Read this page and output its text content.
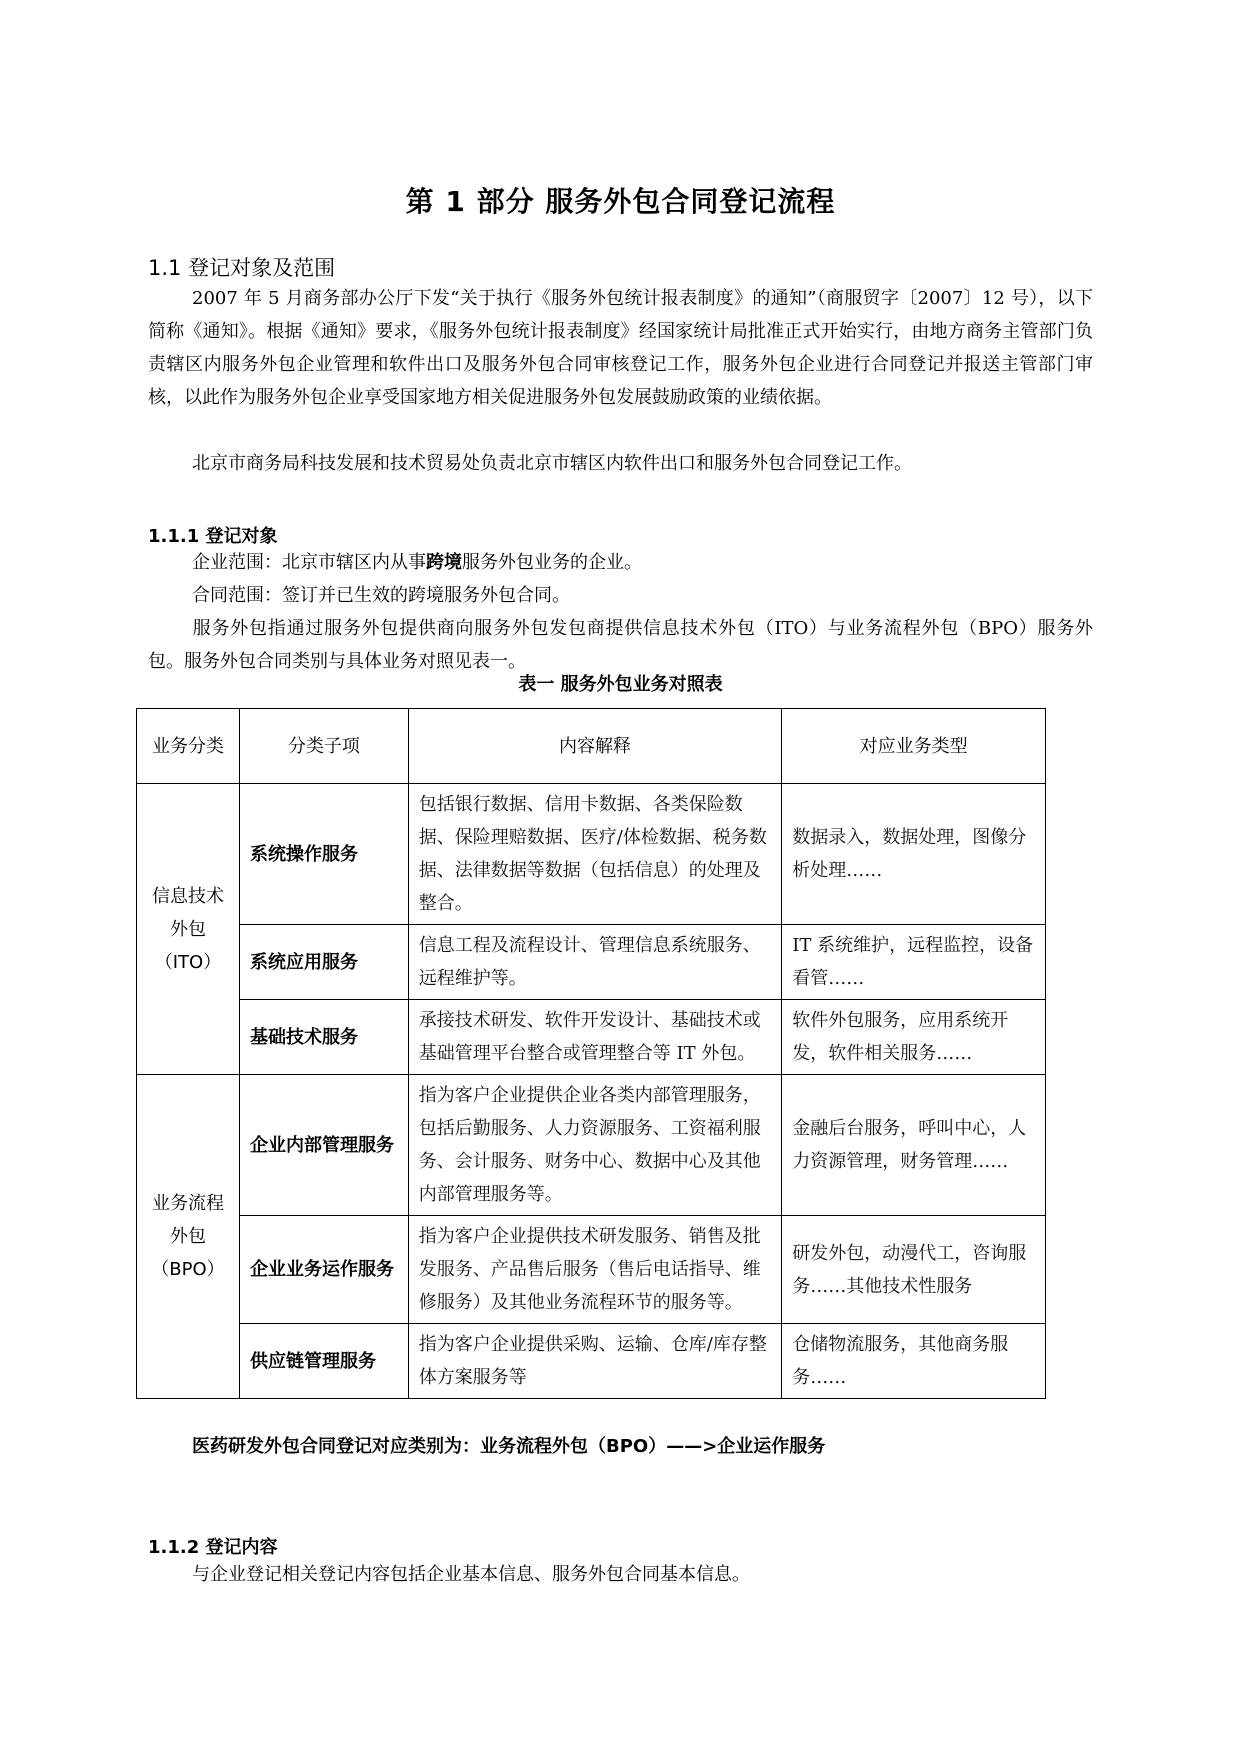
第 1 部分 服务外包合同登记流程
1.1 登记对象及范围
2007 年 5 月商务部办公厅下发“关于执行《服务外包统计报表制度》的通知”（商服贸字〔2007〕12 号），以下简称《通知》。根据《通知》要求，《服务外包统计报表制度》经国家统计局批准正式开始实行，由地方商务主管部门负责辖区内服务外包企业管理和软件出口及服务外包合同审核登记工作，服务外包企业进行合同登记并报送主管部门审核，以此作为服务外包企业享受国家地方相关促进服务外包发展鼓励政策的业绩依据。
北京市商务局科技发展和技术贸易处负责北京市辖区内软件出口和服务外包合同登记工作。
1.1.1 登记对象
企业范围：北京市辖区内从事跨境服务外包业务的企业。
合同范围：签订并已生效的跨境服务外包合同。
服务外包指通过服务外包提供商向服务外包发包商提供信息技术外包（ITO）与业务流程外包（BPO）服务外包。服务外包合同类别与具体业务对照见表一。
表一 服务外包业务对照表
业务分类	分类子项	内容解释	对应业务类型
信息技术外包（ITO）	系统操作服务	包括银行数据、信用卡数据、各类保险数据、保险理赔数据、医疗/体检数据、税务数据、法律数据等数据（包括信息）的处理及整合。	数据录入，数据处理，图像分析处理……
	系统应用服务	信息工程及流程设计、管理信息系统服务、远程维护等。	IT 系统维护，远程监控，设备看管……
	基础技术服务	承接技术研发、软件开发设计、基础技术或基础管理平台整合或管理整合等 IT 外包。	软件外包服务，应用系统开发，软件相关服务……
业务流程外包（BPO）	企业内部管理服务	指为客户企业提供企业各类内部管理服务，包括后勤服务、人力资源服务、工资福利服务、会计服务、财务中心、数据中心及其他内部管理服务等。	金融后台服务，呼叫中心，人力资源管理，财务管理……
	企业业务运作服务	指为客户企业提供技术研发服务、销售及批发服务、产品售后服务（售后电话指导、维修服务）及其他业务流程环节的服务等。	研发外包，动漫代工，咨询服务……其他技术性服务
	供应链管理服务	指为客户企业提供采购、运输、仓库/库存整体方案服务等	仓储物流服务，其他商务服务……
医药研发外包合同登记对应类别为：业务流程外包（BPO）——>企业运作服务
1.1.2 登记内容
与企业登记相关登记内容包括企业基本信息、服务外包合同基本信息。
